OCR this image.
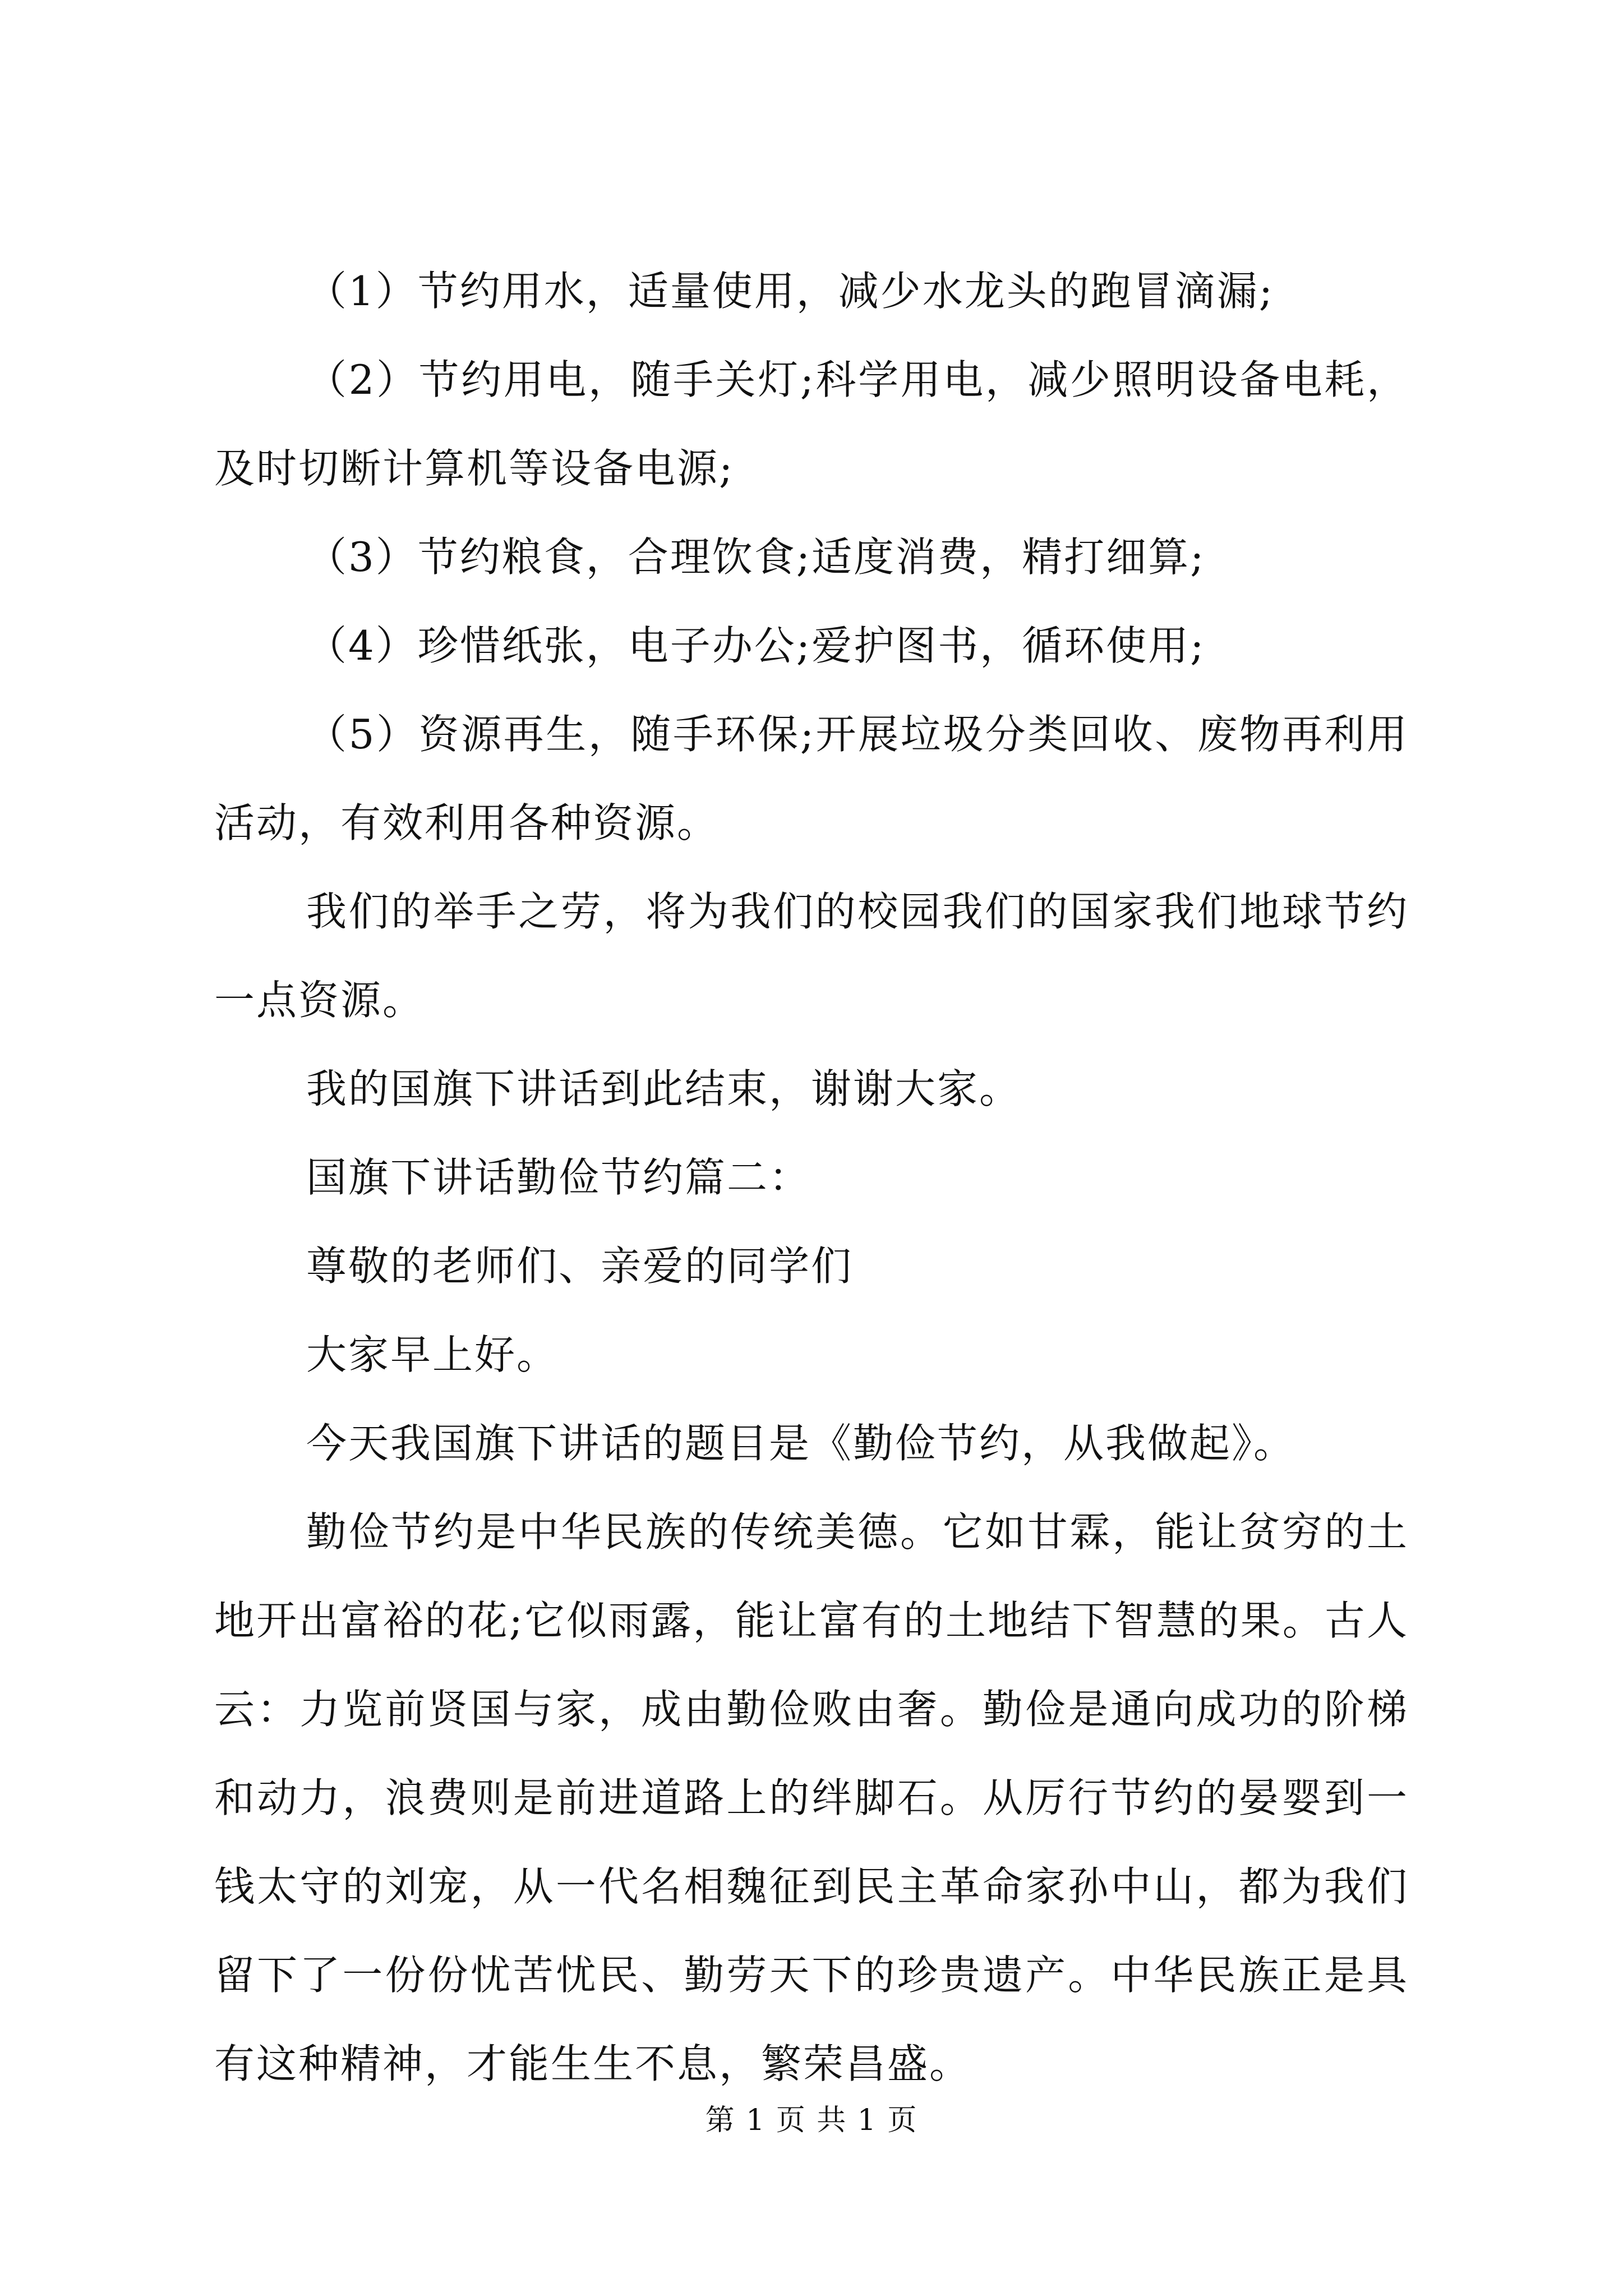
（1）节约用水，适量使用，减少水龙头的跑冒滴漏;

（2）节约用电，随手关灯;科学用电，减少照明设备电耗，及时切断计算机等设备电源;

（3）节约粮食，合理饮食;适度消费，精打细算;

（4）珍惜纸张，电子办公;爱护图书，循环使用;

（5）资源再生，随手环保;开展垃圾分类回收、废物再利用活动，有效利用各种资源。

我们的举手之劳，将为我们的校园我们的国家我们地球节约一点资源。

我的国旗下讲话到此结束，谢谢大家。

国旗下讲话勤俭节约篇二：

尊敬的老师们、亲爱的同学们

大家早上好。

今天我国旗下讲话的题目是《勤俭节约，从我做起》。

勤俭节约是中华民族的传统美德。它如甘霖，能让贫穷的土地开出富裕的花;它似雨露，能让富有的土地结下智慧的果。古人云：力览前贤国与家，成由勤俭败由奢。勤俭是通向成功的阶梯和动力，浪费则是前进道路上的绊脚石。从厉行节约的晏婴到一钱太守的刘宠，从一代名相魏征到民主革命家孙中山，都为我们留下了一份份忧苦忧民、勤劳天下的珍贵遗产。中华民族正是具有这种精神，才能生生不息，繁荣昌盛。

第 1 页 共 1 页
